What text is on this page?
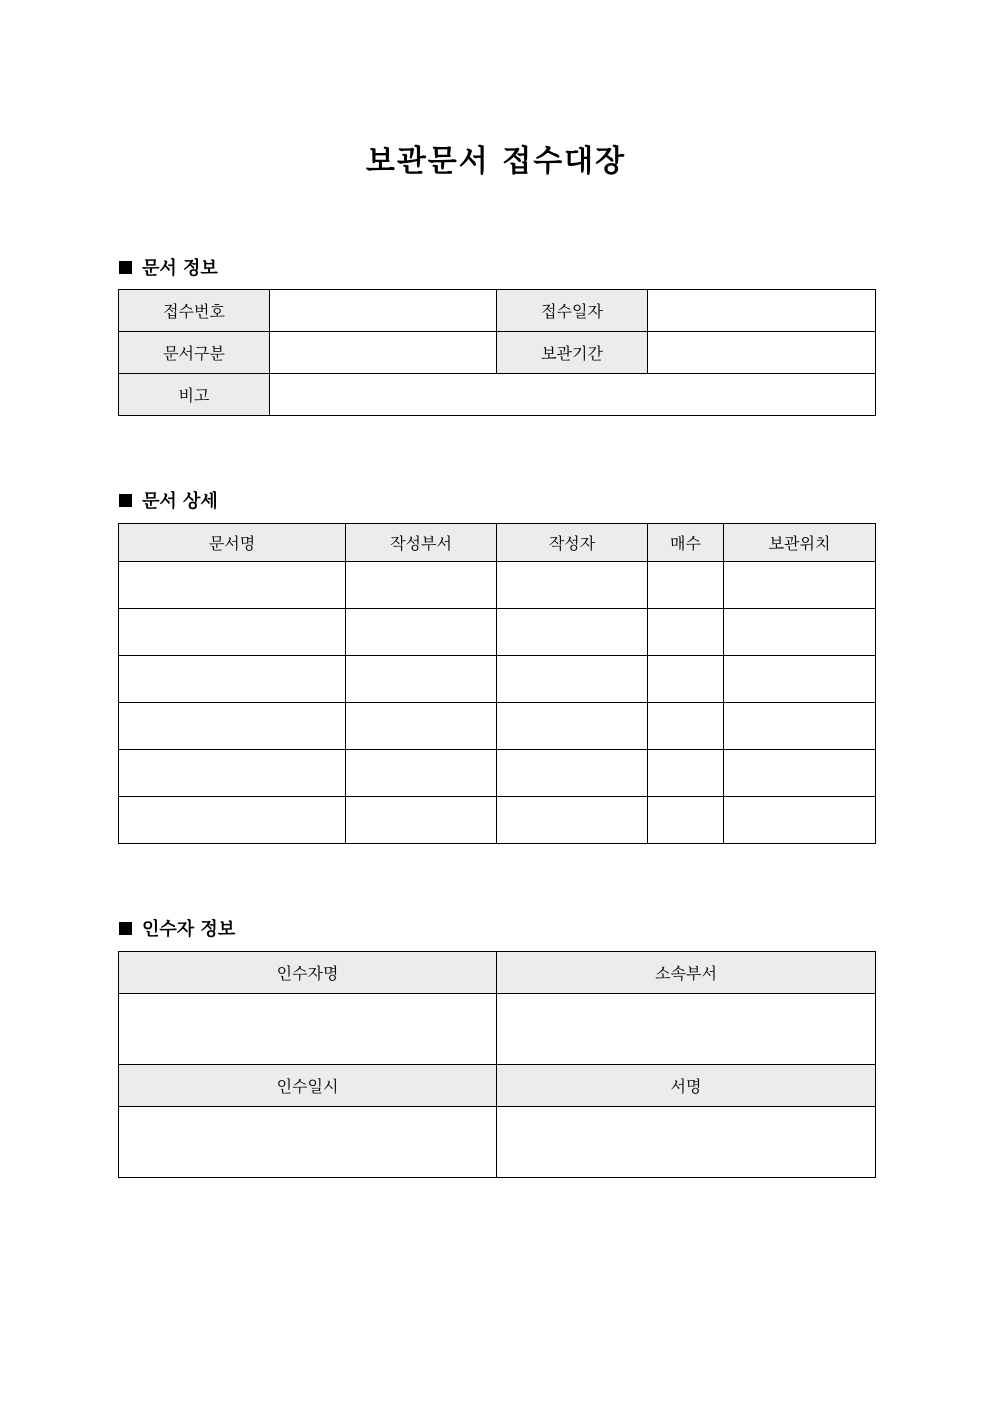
보관문서 접수대장
문서 정보
접수번호		접수일자	
문서구분		보관기간	
비고			
문서 상세
문서명	작성부서	작성자	매수	보관위치

인수자 정보
인수자명	소속부서

인수일시	서명
